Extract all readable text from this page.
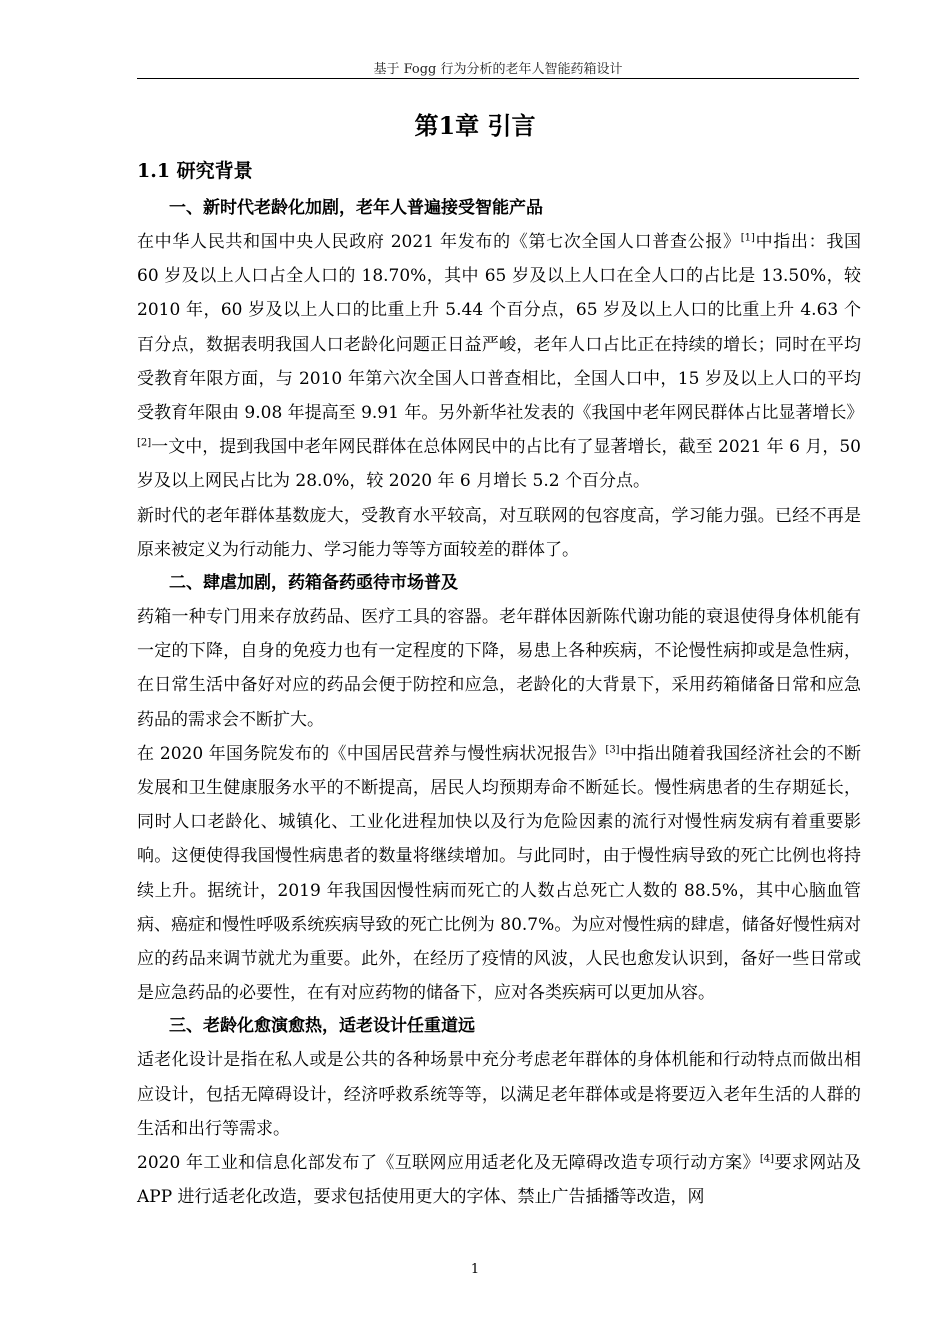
基于 Fogg 行为分析的老年人智能药箱设计
第1章 引言
1.1 研究背景
一、新时代老龄化加剧，老年人普遍接受智能产品
在中华人民共和国中央人民政府 2021 年发布的《第七次全国人口普查公报》[1]中指出：我国 60 岁及以上人口占全人口的 18.70%，其中 65 岁及以上人口在全人口的占比是 13.50%，较 2010 年，60 岁及以上人口的比重上升 5.44 个百分点，65 岁及以上人口的比重上升 4.63 个百分点，数据表明我国人口老龄化问题正日益严峻，老年人口占比正在持续的增长；同时在平均受教育年限方面，与 2010 年第六次全国人口普查相比，全国人口中，15 岁及以上人口的平均受教育年限由 9.08 年提高至 9.91 年。另外新华社发表的《我国中老年网民群体占比显著增长》[2]一文中，提到我国中老年网民群体在总体网民中的占比有了显著增长，截至 2021 年 6 月，50 岁及以上网民占比为 28.0%，较 2020 年 6 月增长 5.2 个百分点。
新时代的老年群体基数庞大，受教育水平较高，对互联网的包容度高，学习能力强。已经不再是原来被定义为行动能力、学习能力等等方面较差的群体了。
二、肆虐加剧，药箱备药亟待市场普及
药箱一种专门用来存放药品、医疗工具的容器。老年群体因新陈代谢功能的衰退使得身体机能有一定的下降，自身的免疫力也有一定程度的下降，易患上各种疾病，不论慢性病抑或是急性病，在日常生活中备好对应的药品会便于防控和应急，老龄化的大背景下，采用药箱储备日常和应急药品的需求会不断扩大。
在 2020 年国务院发布的《中国居民营养与慢性病状况报告》[3]中指出随着我国经济社会的不断发展和卫生健康服务水平的不断提高，居民人均预期寿命不断延长。慢性病患者的生存期延长，同时人口老龄化、城镇化、工业化进程加快以及行为危险因素的流行对慢性病发病有着重要影响。这便使得我国慢性病患者的数量将继续增加。与此同时，由于慢性病导致的死亡比例也将持续上升。据统计，2019 年我国因慢性病而死亡的人数占总死亡人数的 88.5%，其中心脑血管病、癌症和慢性呼吸系统疾病导致的死亡比例为 80.7%。为应对慢性病的肆虐，储备好慢性病对应的药品来调节就尤为重要。此外，在经历了疫情的风波，人民也愈发认识到，备好一些日常或是应急药品的必要性，在有对应药物的储备下，应对各类疾病可以更加从容。
三、老龄化愈演愈热，适老设计任重道远
适老化设计是指在私人或是公共的各种场景中充分考虑老年群体的身体机能和行动特点而做出相应设计，包括无障碍设计，经济呼救系统等等，以满足老年群体或是将要迈入老年生活的人群的生活和出行等需求。
2020 年工业和信息化部发布了《互联网应用适老化及无障碍改造专项行动方案》[4]要求网站及 APP 进行适老化改造，要求包括使用更大的字体、禁止广告插播等改造，网
1
